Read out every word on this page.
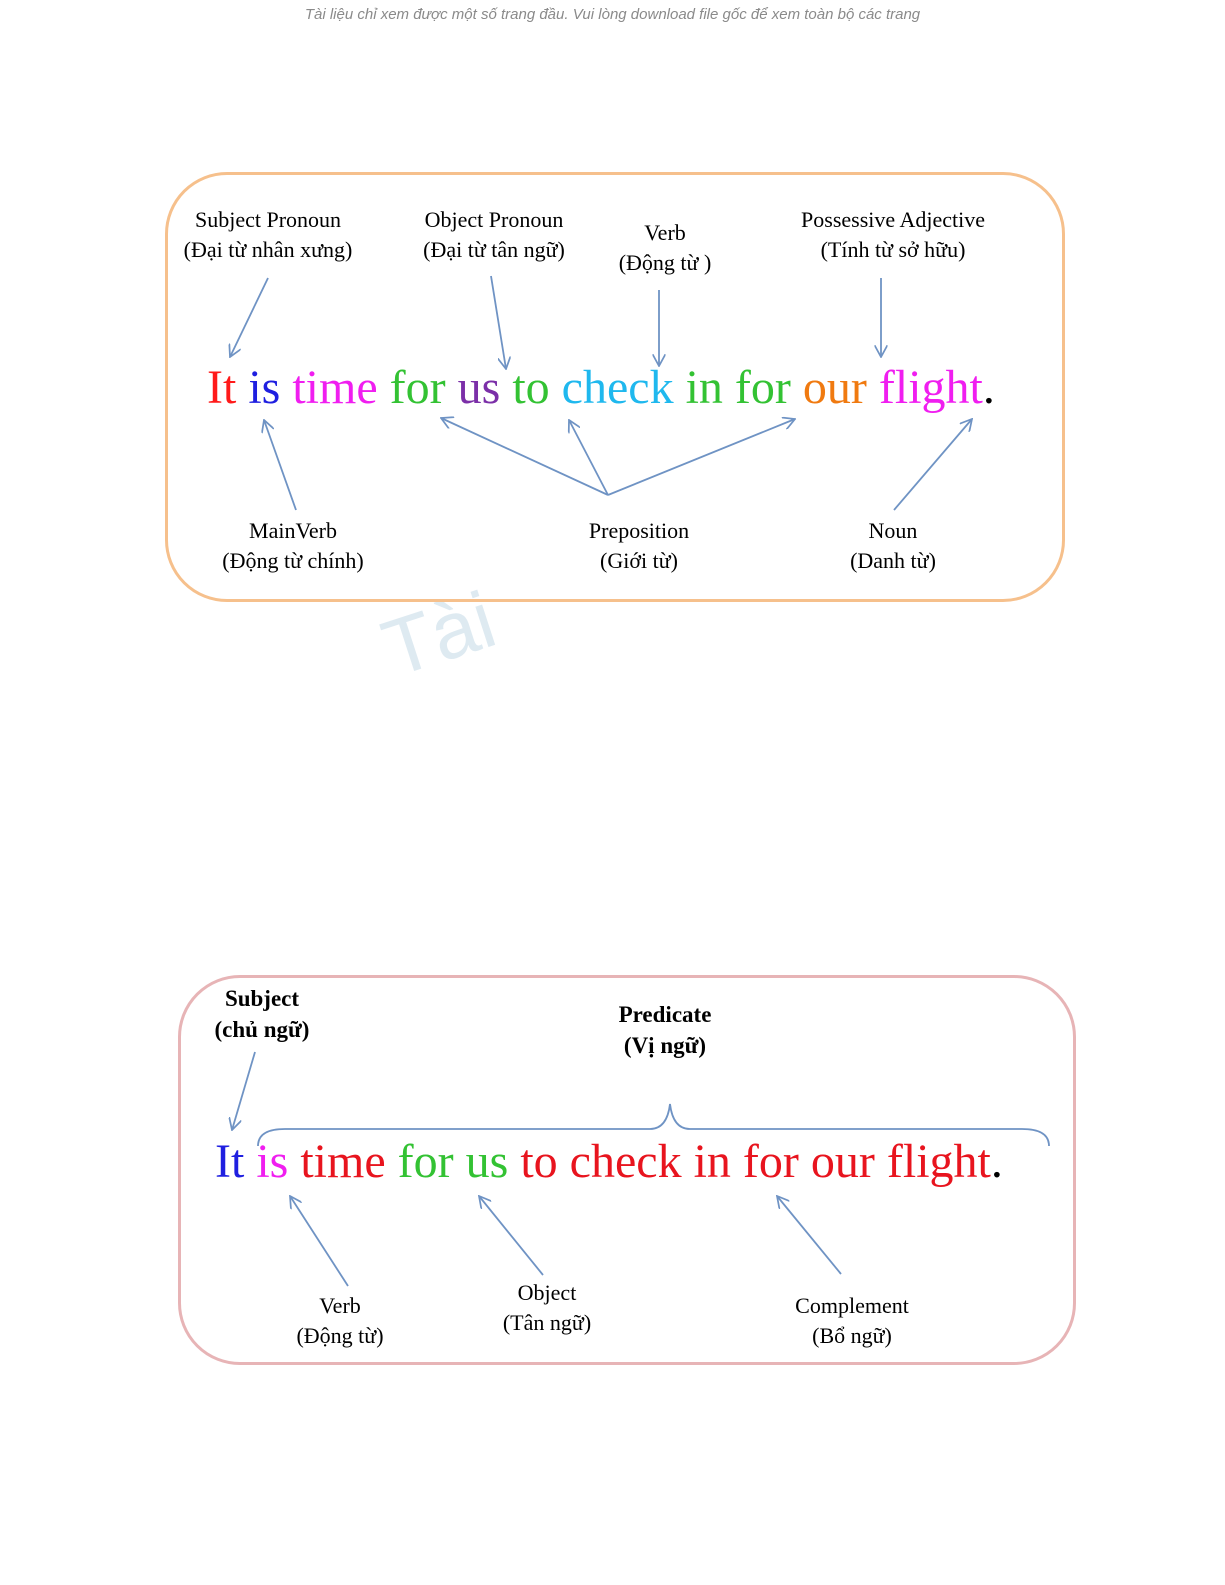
Tài liệu chỉ xem được một số trang đầu. Vui lòng download file gốc để xem toàn bộ các trang
Tài
Subject Pronoun
(Đại từ nhân xưng)
Object Pronoun
(Đại từ tân ngữ)
Verb
(Động từ )
Possessive Adjective
(Tính từ sở hữu)
It is time for us to check in for our flight.
MainVerb
(Động từ chính)
Preposition
(Giới từ)
Noun
(Danh từ)
Subject
(chủ ngữ)
Predicate
(Vị ngữ)
It is time for us to check in for our flight.
Verb
(Động từ)
Object
(Tân ngữ)
Complement
(Bổ ngữ)
